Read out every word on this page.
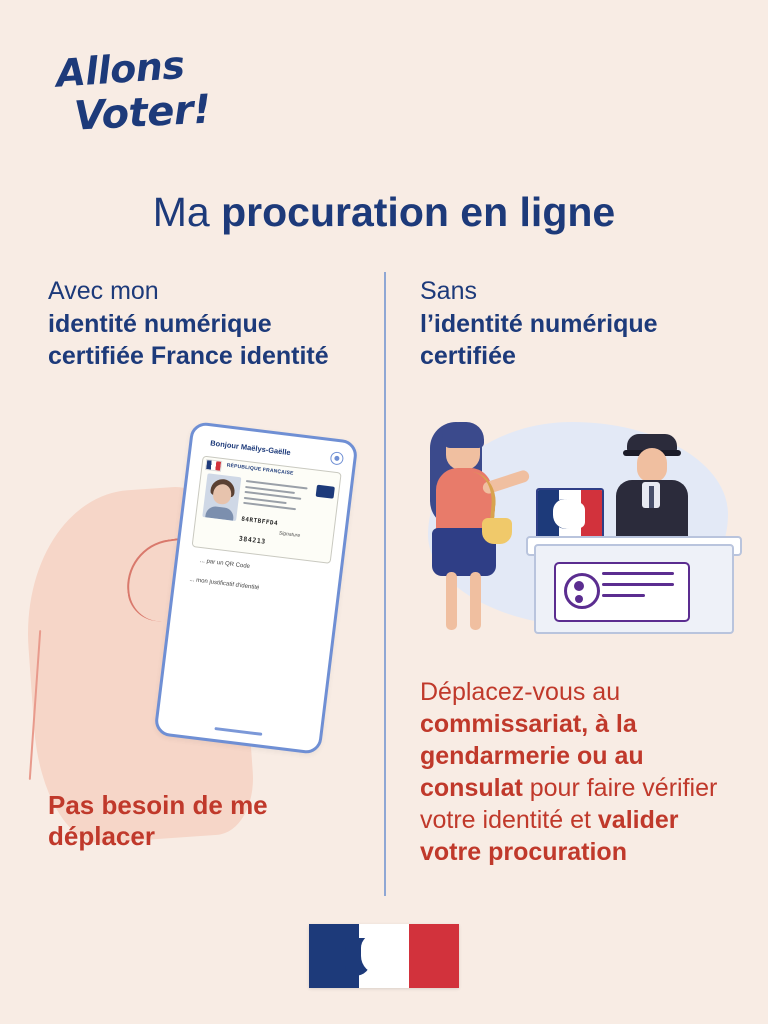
Allons
Voter!
Ma procuration en ligne
Avec mon
identité numérique certifiée France identité
Bonjour Maëlys-Gaëlle
RÉPUBLIQUE FRANÇAISE
84RTBFFD4
Signature
384213
... par un QR Code
... mon justificatif d'identité
Pas besoin de me déplacer
Sans
l’identité numérique certifiée
Déplacez-vous au commissariat, à la gendarmerie ou au consulat pour faire vérifier votre identité et valider votre procuration
